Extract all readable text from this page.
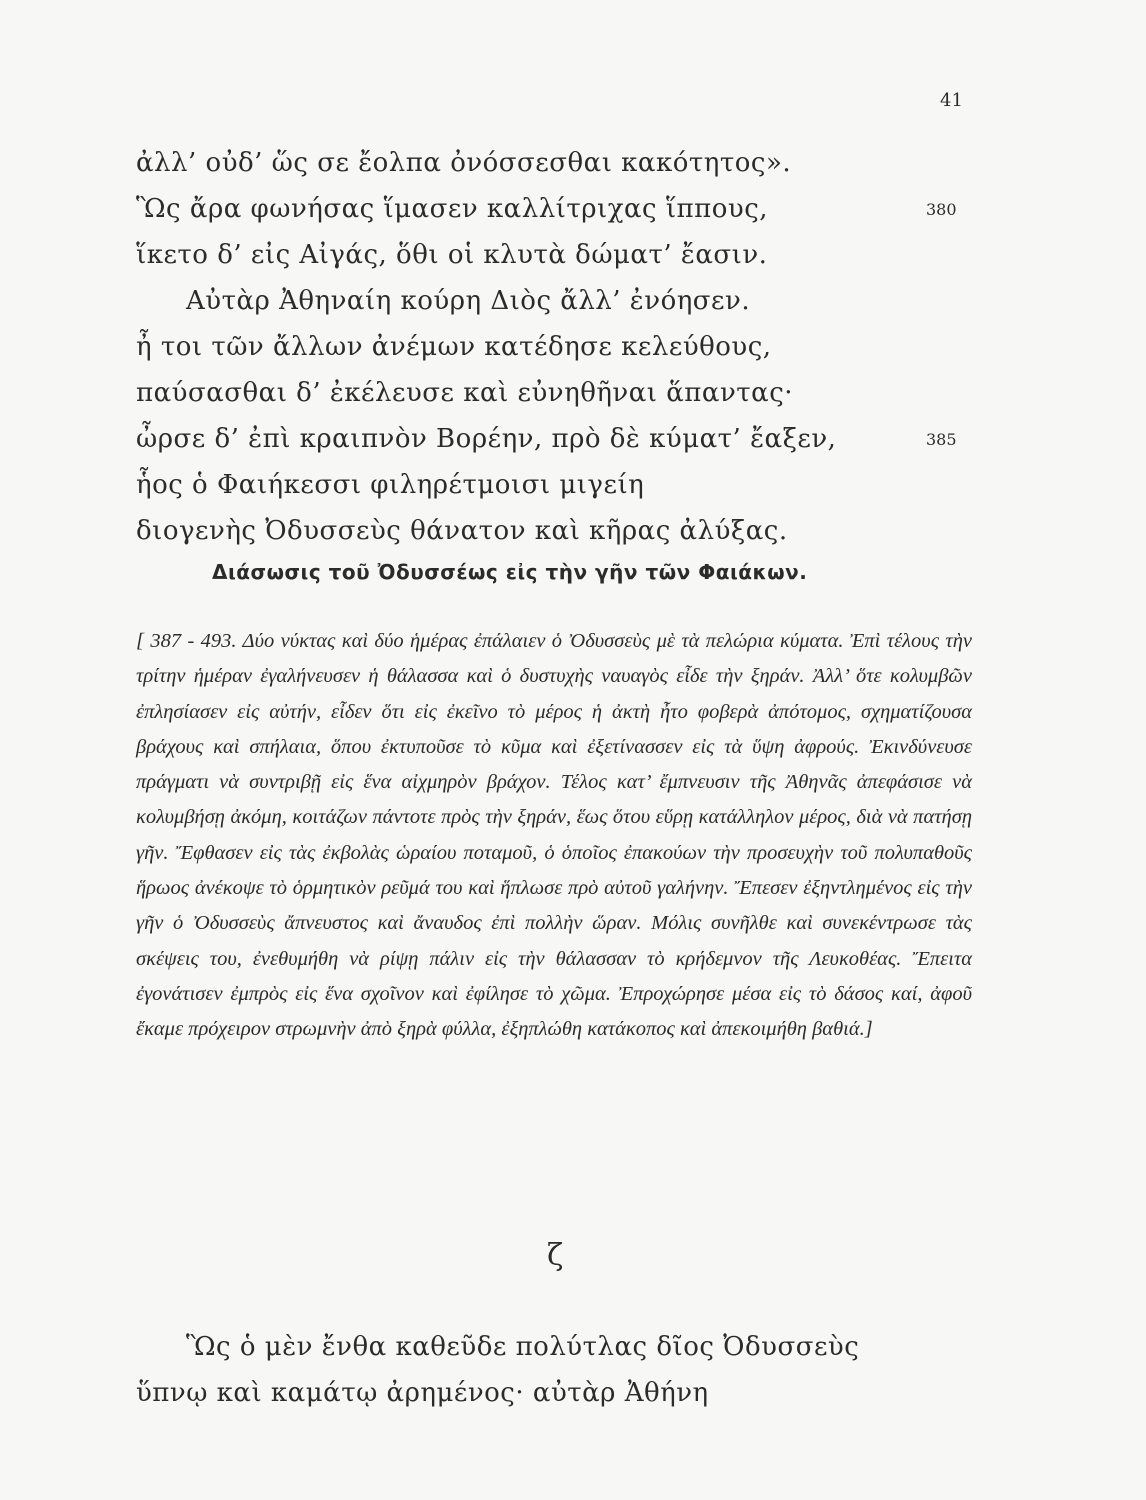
41
ἀλλ’ οὐδ’ ὥς σε ἔολπα ὀνόσσεσθαι κακότητος».
Ὣς ἄρα φωνήσας ἵμασεν καλλίτριχας ἵππους,	380
ἵκετο δ’ εἰς Αἰγάς, ὅθι οἱ κλυτὰ δώματ’ ἔασιν.
Αὐτὰρ Ἀθηναίη κούρη Διὸς ἄλλ’ ἐνόησεν.
ἦ τοι τῶν ἄλλων ἀνέμων κατέδησε κελεύθους,
παύσασθαι δ’ ἐκέλευσε καὶ εὐνηθῆναι ἅπαντας·
ὦρσε δ’ ἐπὶ κραιπνὸν Βορέην, πρὸ δὲ κύματ’ ἔαξεν,	385
ἧος ὁ Φαιήκεσσι φιληρέτμοισι μιγείη
διογενὴς Ὀδυσσεὺς θάνατον καὶ κῆρας ἀλύξας.
Διάσωσις τοῦ Ὀδυσσέως εἰς τὴν γῆν τῶν Φαιάκων.
[ 387 - 493. Δύο νύκτας καὶ δύο ἡμέρας ἐπάλαιεν ὁ Ὀδυσσεὺς μὲ τὰ πελώρια κύματα. Ἐπὶ τέλους τὴν τρίτην ἡμέραν ἐγαλήνευσεν ἡ θάλασσα καὶ ὁ δυστυχὴς ναυαγὸς εἶδε τὴν ξηράν. Ἀλλ’ ὅτε κολυμβῶν ἐπλησίασεν εἰς αὐτήν, εἶδεν ὅτι εἰς ἐκεῖνο τὸ μέρος ἡ ἀκτὴ ἦτο φοβερὰ ἀπότομος, σχηματίζουσα βράχους καὶ σπήλαια, ὅπου ἐκτυποῦσε τὸ κῦμα καὶ ἐξετίνασσεν εἰς τὰ ὕψη ἀφρούς. Ἐκινδύνευσε πράγματι νὰ συντριβῇ εἰς ἕνα αἰχμηρὸν βράχον. Τέλος κατ’ ἔμπνευσιν τῆς Ἀθηνᾶς ἀπεφάσισε νὰ κολυμβήσῃ ἀκόμη, κοιτάζων πάντοτε πρὸς τὴν ξηράν, ἕως ὅτου εὕρῃ κατάλληλον μέρος, διὰ νὰ πατήσῃ γῆν. Ἔφθασεν εἰς τὰς ἐκβολὰς ὡραίου ποταμοῦ, ὁ ὁποῖος ἐπακούων τὴν προσευχὴν τοῦ πολυπαθοῦς ἥρωος ἀνέκοψε τὸ ὁρμητικὸν ρεῦμά του καὶ ἥπλωσε πρὸ αὐτοῦ γαλήνην. Ἔπεσεν ἐξηντλημένος εἰς τὴν γῆν ὁ Ὀδυσσεὺς ἄπνευστος καὶ ἄναυδος ἐπὶ πολλὴν ὥραν. Μόλις συνῆλθε καὶ συνεκέντρωσε τὰς σκέψεις του, ἐνεθυμήθη νὰ ρίψῃ πάλιν εἰς τὴν θάλασσαν τὸ κρήδεμνον τῆς Λευκοθέας. Ἔπειτα ἐγονάτισεν ἐμπρὸς εἰς ἕνα σχοῖνον καὶ ἐφίλησε τὸ χῶμα. Ἐπροχώρησε μέσα εἰς τὸ δάσος καί, ἀφοῦ ἔκαμε πρόχειρον στρωμνὴν ἀπὸ ξηρὰ φύλλα, ἐξηπλώθη κατάκοπος καὶ ἀπεκοιμήθη βαθιά.]
ζ
Ὣς ὁ μὲν ἔνθα καθεῦδε πολύτλας δῖος Ὀδυσσεὺς
ὕπνῳ καὶ καμάτῳ ἀρημένος· αὐτὰρ Ἀθήνη
